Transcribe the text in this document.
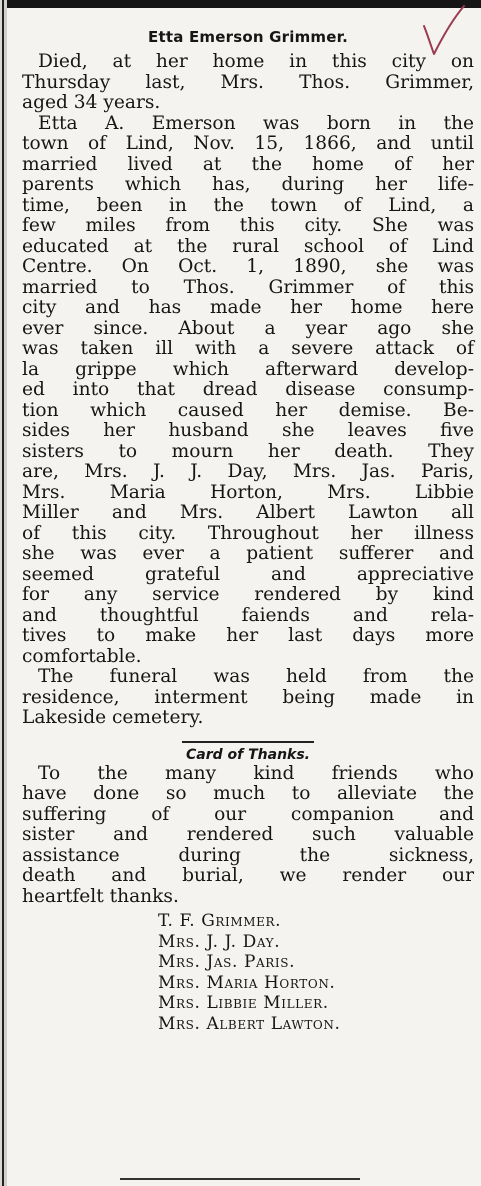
Etta Emerson Grimmer.

Died, at her home in this city on
Thursday last, Mrs. Thos. Grimmer,
aged 34 years.

Etta A. Emerson was born in the
town of Lind, Nov. 15, 1866, and until
married lived at the home of her
parents which has, during her life-
time, been in the town of Lind, a
few miles from this city. She was
educated at the rural school of Lind
Centre. On Oct. 1, 1890, she was
married to Thos. Grimmer of this
city and has made her home here
ever since. About a year ago she
was taken ill with a severe attack of
la grippe which afterward develop-
ed into that dread disease consump-
tion which caused her demise. Be-
sides her husband she leaves five
sisters to mourn her death. They
are, Mrs. J. J. Day, Mrs. Jas. Paris,
Mrs. Maria Horton, Mrs. Libbie
Miller and Mrs. Albert Lawton all
of this city. Throughout her illness
she was ever a patient sufferer and
seemed grateful and appreciative
for any service rendered by kind
and thoughtful faiends and rela-
tives to make her last days more
comfortable.

The funeral was held from the
residence, interment being made in
Lakeside cemetery.

Card of Thanks.

To the many kind friends who
have done so much to alleviate the
suffering of our companion and
sister and rendered such valuable
assistance during the sickness,
death and burial, we render our
heartfelt thanks.

T. F. Grimmer.
Mrs. J. J. Day.
Mrs. Jas. Paris.
Mrs. Maria Horton.
Mrs. Libbie Miller.
Mrs. Albert Lawton.
